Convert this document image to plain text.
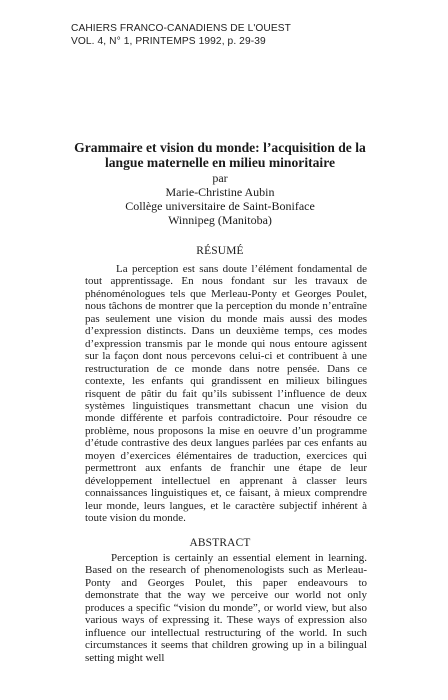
CAHIERS FRANCO-CANADIENS DE L'OUEST
VOL. 4, N° 1, PRINTEMPS 1992, p. 29-39

Grammaire et vision du monde: l’acquisition de la langue maternelle en milieu minoritaire

par
Marie-Christine Aubin
Collège universitaire de Saint-Boniface
Winnipeg (Manitoba)
RÉSUMÉ
La perception est sans doute l’élément fondamental de tout apprentissage. En nous fondant sur les travaux de phénoménologues tels que Merleau-Ponty et Georges Poulet, nous tâchons de montrer que la perception du monde n’entraîne pas seulement une vision du monde mais aussi des modes d’expression distincts. Dans un deuxième temps, ces modes d’expression transmis par le monde qui nous entoure agissent sur la façon dont nous percevons celui-ci et contribuent à une restructuration de ce monde dans notre pensée. Dans ce contexte, les enfants qui grandissent en milieux bilingues risquent de pâtir du fait qu’ils subissent l’influence de deux systèmes linguistiques transmettant chacun une vision du monde différente et parfois contradictoire. Pour résoudre ce problème, nous proposons la mise en oeuvre d’un programme d’étude contrastive des deux langues parlées par ces enfants au moyen d’exercices élémentaires de traduction, exercices qui permettront aux enfants de franchir une étape de leur développement intellectuel en apprenant à classer leurs connaissances linguistiques et, ce faisant, à mieux comprendre leur monde, leurs langues, et le caractère subjectif inhérent à toute vision du monde.
ABSTRACT
Perception is certainly an essential element in learning. Based on the research of phenomenologists such as Merleau-Ponty and Georges Poulet, this paper endeavours to demonstrate that the way we perceive our world not only produces a specific “vision du monde”, or world view, but also various ways of expressing it. These ways of expression also influence our intellectual restructuring of the world. In such circumstances it seems that children growing up in a bilingual setting might well
